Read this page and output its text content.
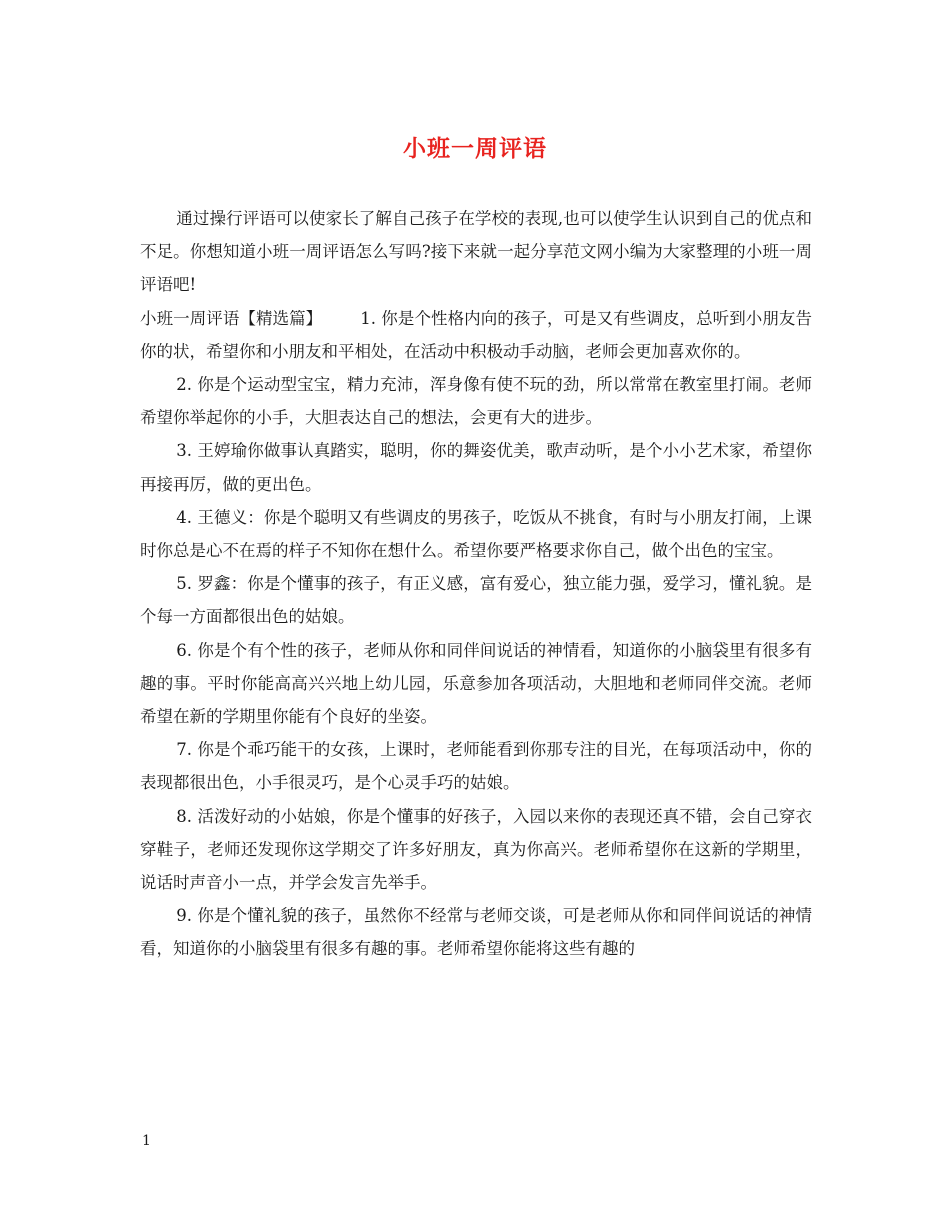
小班一周评语

通过操行评语可以使家长了解自己孩子在学校的表现,也可以使学生认识到自己的优点和不足。你想知道小班一周评语怎么写吗?接下来就一起分享范文网小编为大家整理的小班一周评语吧!

小班一周评语【精选篇】 1. 你是个性格内向的孩子，可是又有些调皮，总听到小朋友告你的状，希望你和小朋友和平相处，在活动中积极动手动脑，老师会更加喜欢你的。

2. 你是个运动型宝宝，精力充沛，浑身像有使不玩的劲，所以常常在教室里打闹。老师希望你举起你的小手，大胆表达自己的想法，会更有大的进步。

3. 王婷瑜你做事认真踏实，聪明，你的舞姿优美，歌声动听，是个小小艺术家，希望你再接再厉，做的更出色。

4. 王德义：你是个聪明又有些调皮的男孩子，吃饭从不挑食，有时与小朋友打闹，上课时你总是心不在焉的样子不知你在想什么。希望你要严格要求你自己，做个出色的宝宝。

5. 罗鑫：你是个懂事的孩子，有正义感，富有爱心，独立能力强，爱学习，懂礼貌。是个每一方面都很出色的姑娘。

6. 你是个有个性的孩子，老师从你和同伴间说话的神情看，知道你的小脑袋里有很多有趣的事。平时你能高高兴兴地上幼儿园，乐意参加各项活动，大胆地和老师同伴交流。老师希望在新的学期里你能有个良好的坐姿。

7. 你是个乖巧能干的女孩，上课时，老师能看到你那专注的目光，在每项活动中，你的表现都很出色，小手很灵巧，是个心灵手巧的姑娘。

8. 活泼好动的小姑娘，你是个懂事的好孩子，入园以来你的表现还真不错，会自己穿衣穿鞋子，老师还发现你这学期交了许多好朋友，真为你高兴。老师希望你在这新的学期里，说话时声音小一点，并学会发言先举手。

9. 你是个懂礼貌的孩子，虽然你不经常与老师交谈，可是老师从你和同伴间说话的神情看，知道你的小脑袋里有很多有趣的事。老师希望你能将这些有趣的

1
